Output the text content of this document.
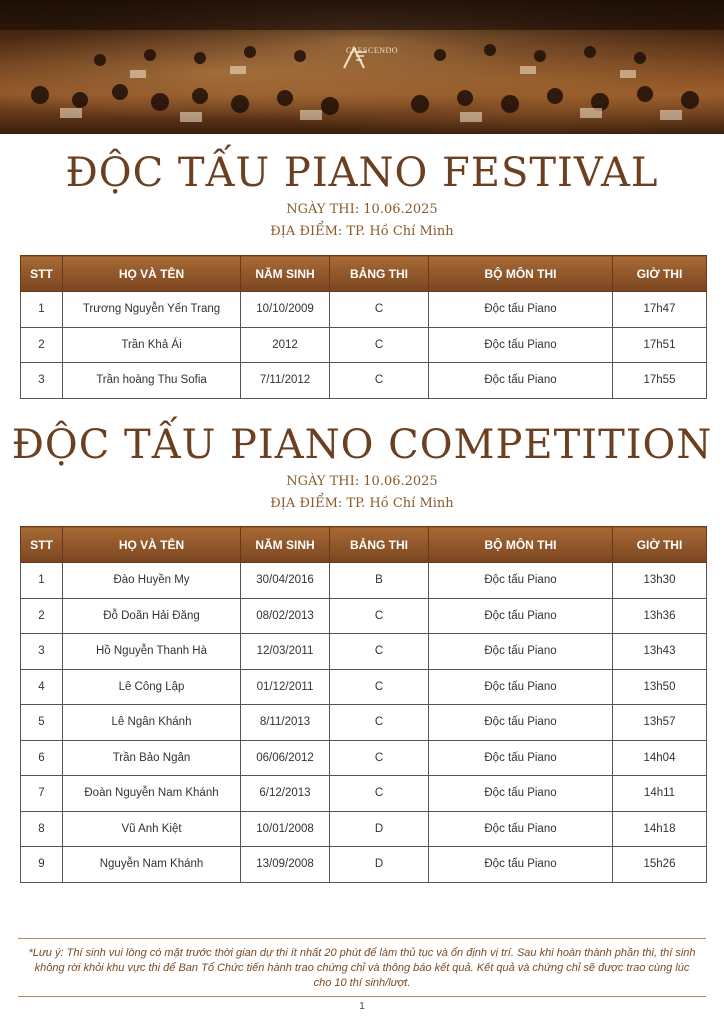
CRESCENDO
ĐỘC TẤU PIANO FESTIVAL
NGÀY THI: 10.06.2025
ĐỊA ĐIỂM: TP. Hồ Chí Minh
STT	HỌ VÀ TÊN	NĂM SINH	BẢNG THI	BỘ MÔN THI	GIỜ THI
1	Trương Nguyễn Yến Trang	10/10/2009	C	Độc tấu Piano	17h47
2	Trần Khả Ái	2012	C	Độc tấu Piano	17h51
3	Trần hoàng Thu Sofia	7/11/2012	C	Độc tấu Piano	17h55
ĐỘC TẤU PIANO COMPETITION
NGÀY THI: 10.06.2025
ĐỊA ĐIỂM: TP. Hồ Chí Minh
STT	HỌ VÀ TÊN	NĂM SINH	BẢNG THI	BỘ MÔN THI	GIỜ THI
1	Đào Huyền My	30/04/2016	B	Độc tấu Piano	13h30
2	Đỗ Doãn Hải Đăng	08/02/2013	C	Độc tấu Piano	13h36
3	Hồ Nguyễn Thanh Hà	12/03/2011	C	Độc tấu Piano	13h43
4	Lê Công Lập	01/12/2011	C	Độc tấu Piano	13h50
5	Lê Ngân Khánh	8/11/2013	C	Độc tấu Piano	13h57
6	Trần Bảo Ngân	06/06/2012	C	Độc tấu Piano	14h04
7	Đoàn Nguyễn Nam Khánh	6/12/2013	C	Độc tấu Piano	14h11
8	Vũ Anh Kiệt	10/01/2008	D	Độc tấu Piano	14h18
9	Nguyễn Nam Khánh	13/09/2008	D	Độc tấu Piano	15h26
*Lưu ý: Thí sinh vui lòng có mặt trước thời gian dự thi ít nhất 20 phút để làm thủ tục và ổn định vị trí. Sau khi hoàn thành phần thi, thí sinh không rời khỏi khu vực thi để Ban Tổ Chức tiến hành trao chứng chỉ và thông báo kết quả. Kết quả và chứng chỉ sẽ được trao cùng lúc cho 10 thí sinh/lượt.
1
